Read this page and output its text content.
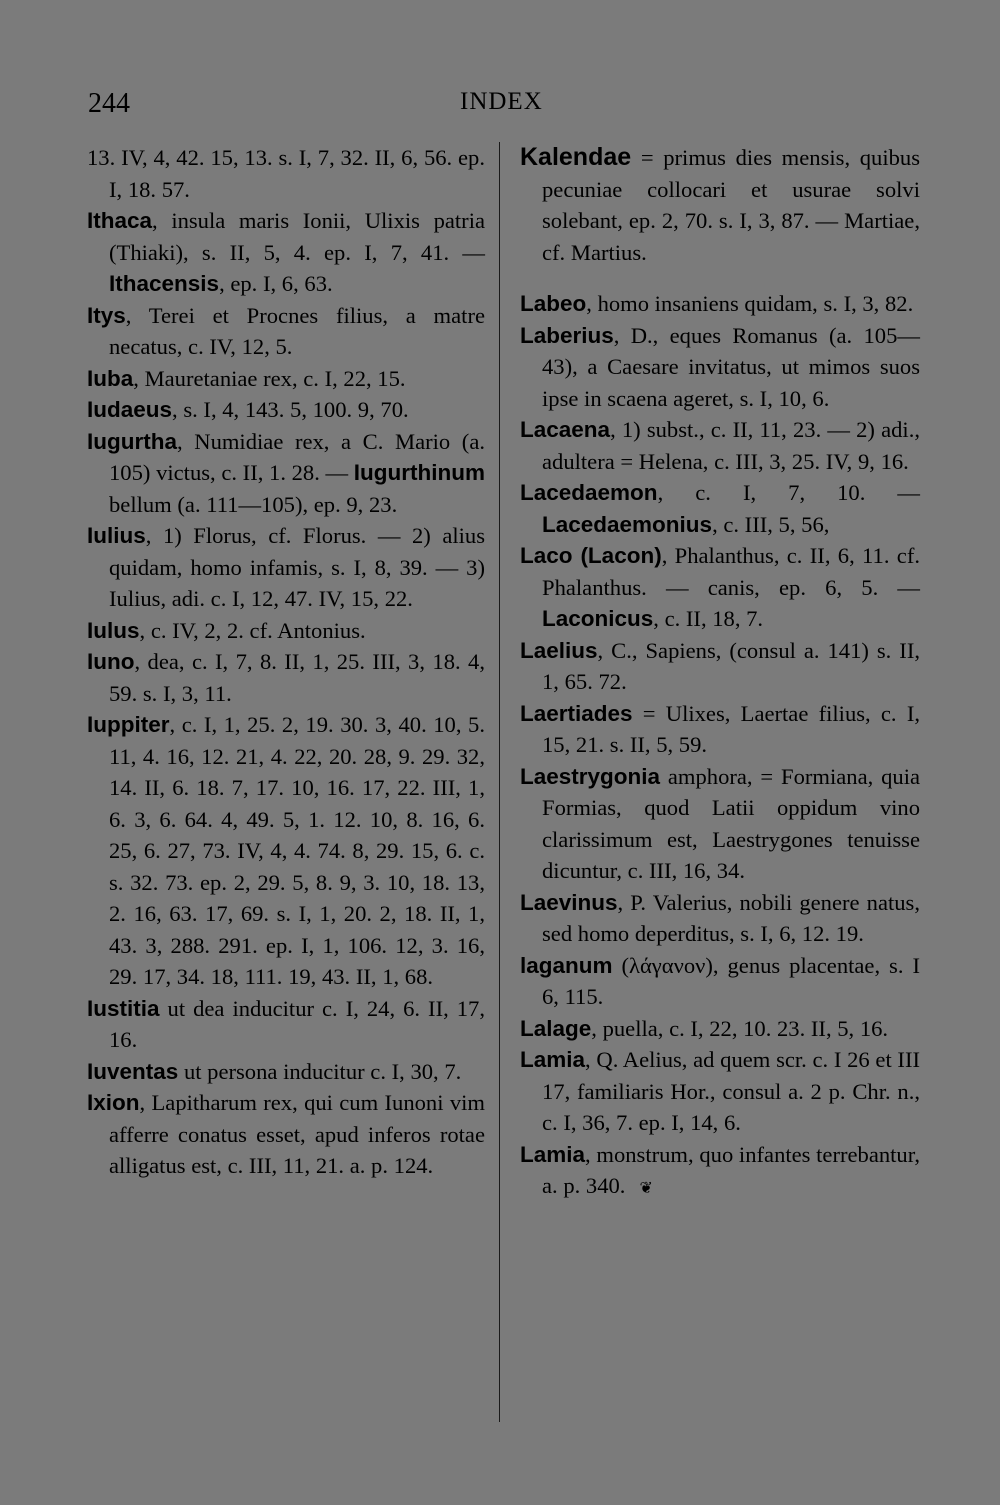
244	INDEX

13. IV, 4, 42. 15, 13. s. I, 7, 32. II, 6, 56. ep. I, 18. 57.

Ithaca, insula maris Ionii, Ulixis patria (Thiaki), s. II, 5, 4. ep. I, 7, 41. — Ithacensis, ep. I, 6, 63.

Itys, Terei et Procnes filius, a matre necatus, c. IV, 12, 5.

Iuba, Mauretaniae rex, c. I, 22, 15.

Iudaeus, s. I, 4, 143. 5, 100. 9, 70.

Iugurtha, Numidiae rex, a C. Mario (a. 105) victus, c. II, 1. 28. — Iugurthinum bellum (a. 111—105), ep. 9, 23.

Iulius, 1) Florus, cf. Florus. — 2) alius quidam, homo infamis, s. I, 8, 39. — 3) Iulius, adi. c. I, 12, 47. IV, 15, 22.

Iulus, c. IV, 2, 2. cf. Antonius.

Iuno, dea, c. I, 7, 8. II, 1, 25. III, 3, 18. 4, 59. s. I, 3, 11.

Iuppiter, c. I, 1, 25. 2, 19. 30. 3, 40. 10, 5. 11, 4. 16, 12. 21, 4. 22, 20. 28, 9. 29. 32, 14. II, 6. 18. 7, 17. 10, 16. 17, 22. III, 1, 6. 3, 6. 64. 4, 49. 5, 1. 12. 10, 8. 16, 6. 25, 6. 27, 73. IV, 4, 4. 74. 8, 29. 15, 6. c. s. 32. 73. ep. 2, 29. 5, 8. 9, 3. 10, 18. 13, 2. 16, 63. 17, 69. s. I, 1, 20. 2, 18. II, 1, 43. 3, 288. 291. ep. I, 1, 106. 12, 3. 16, 29. 17, 34. 18, 111. 19, 43. II, 1, 68.

Iustitia ut dea inducitur c. I, 24, 6. II, 17, 16.

Iuventas ut persona inducitur c. I, 30, 7.

Ixion, Lapitharum rex, qui cum Iunoni vim afferre conatus esset, apud inferos rotae alligatus est, c. III, 11, 21. a. p. 124.

Kalendae = primus dies mensis, quibus pecuniae collocari et usurae solvi solebant, ep. 2, 70. s. I, 3, 87. — Martiae, cf. Martius.

Labeo, homo insaniens quidam, s. I, 3, 82.

Laberius, D., eques Romanus (a. 105—43), a Caesare invitatus, ut mimos suos ipse in scaena ageret, s. I, 10, 6.

Lacaena, 1) subst., c. II, 11, 23. — 2) adi., adultera = Helena, c. III, 3, 25. IV, 9, 16.

Lacedaemon, c. I, 7, 10. — Lacedaemonius, c. III, 5, 56,

Laco (Lacon), Phalanthus, c. II, 6, 11. cf. Phalanthus. — canis, ep. 6, 5. — Laconicus, c. II, 18, 7.

Laelius, C., Sapiens, (consul a. 141) s. II, 1, 65. 72.

Laertiades = Ulixes, Laertae filius, c. I, 15, 21. s. II, 5, 59.

Laestrygonia amphora, = Formiana, quia Formias, quod Latii oppidum vino clarissimum est, Laestrygones tenuisse dicuntur, c. III, 16, 34.

Laevinus, P. Valerius, nobili genere natus, sed homo deperditus, s. I, 6, 12. 19.

laganum (λάγανον), genus placentae, s. I 6, 115.

Lalage, puella, c. I, 22, 10. 23. II, 5, 16.

Lamia, Q. Aelius, ad quem scr. c. I 26 et III 17, familiaris Hor., consul a. 2 p. Chr. n., c. I, 36, 7. ep. I, 14, 6.

Lamia, monstrum, quo infantes terrebantur, a. p. 340. ❦
